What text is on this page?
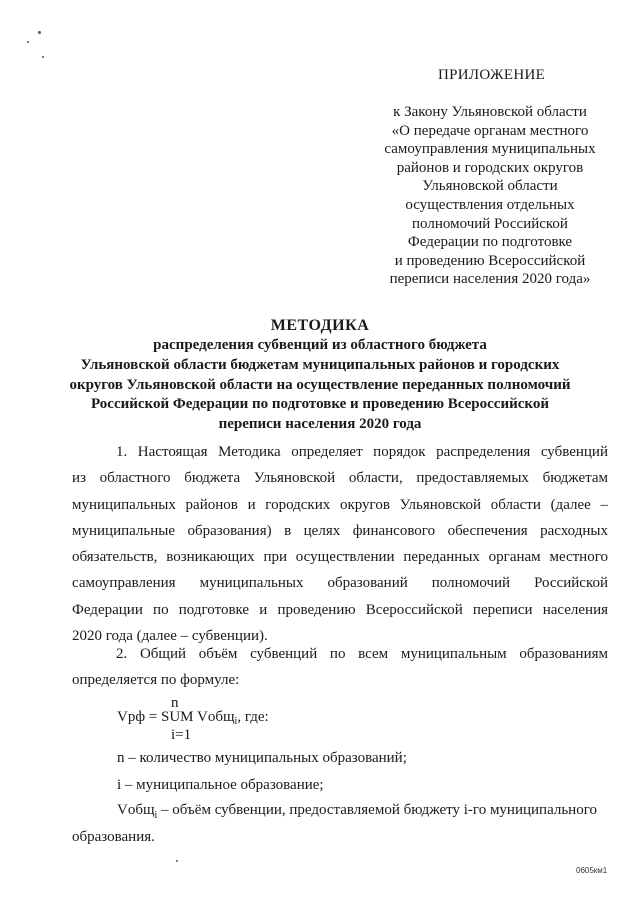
ПРИЛОЖЕНИЕ
к Закону Ульяновской области
«О передаче органам местного
самоуправления муниципальных
районов и городских округов
Ульяновской области
осуществления отдельных
полномочий Российской
Федерации по подготовке
и проведению Всероссийской
переписи населения 2020 года»
МЕТОДИКА
распределения субвенций из областного бюджета
Ульяновской области бюджетам муниципальных районов и городских
округов Ульяновской области на осуществление переданных полномочий
Российской Федерации по подготовке и проведению Всероссийской
переписи населения 2020 года
1. Настоящая Методика определяет порядок распределения субвенций
из областного бюджета Ульяновской области, предоставляемых бюджетам
муниципальных районов и городских округов Ульяновской области (далее –
муниципальные образования) в целях финансового обеспечения расходных
обязательств, возникающих при осуществлении переданных органам местного
самоуправления муниципальных образований полномочий Российской
Федерации по подготовке и проведению Всероссийской переписи населения
2020 года (далее – субвенции).
2. Общий объём субвенций по всем муниципальным образованиям
определяется по формуле:
n
Vрф = SUM Vобщ$_i$, где:
i=1
n – количество муниципальных образований;
i – муниципальное образование;
Vобщ$_i$ – объём субвенции, предоставляемой бюджету i-го муниципального
образования.
0605км1
